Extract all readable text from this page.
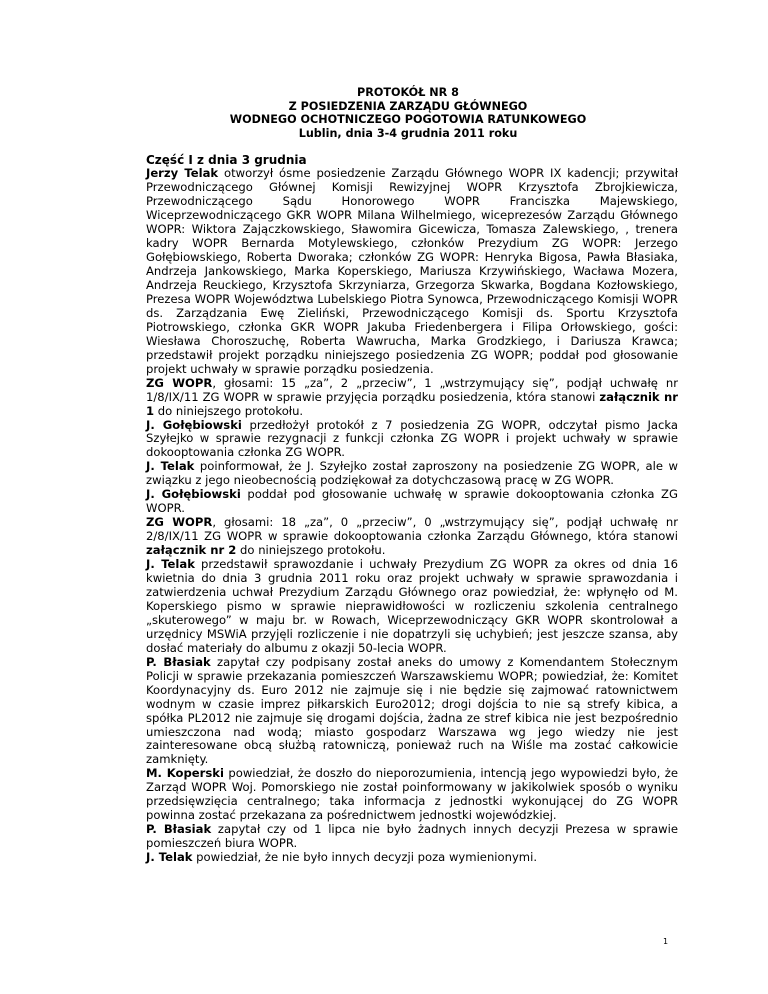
PROTOKÓŁ NR 8
Z POSIEDZENIA ZARZĄDU GŁÓWNEGO
WODNEGO OCHOTNICZEGO POGOTOWIA RATUNKOWEGO
Lublin, dnia 3-4 grudnia 2011 roku
Część I z dnia 3 grudnia

Jerzy Telak otworzył ósme posiedzenie Zarządu Głównego WOPR IX kadencji; przywitał Przewodniczącego Głównej Komisji Rewizyjnej WOPR Krzysztofa Zbrojkiewicza, Przewodniczącego Sądu Honorowego WOPR Franciszka Majewskiego, Wiceprzewodniczącego GKR WOPR Milana Wilhelmiego, wiceprezesów Zarządu Głównego WOPR: Wiktora Zajączkowskiego, Sławomira Gicewicza, Tomasza Zalewskiego, , trenera kadry WOPR Bernarda Motylewskiego, członków Prezydium ZG WOPR: Jerzego Gołębiowskiego, Roberta Dworaka; członków ZG WOPR: Henryka Bigosa, Pawła Błasiaka, Andrzeja Jankowskiego, Marka Koperskiego, Mariusza Krzywińskiego, Wacława Mozera, Andrzeja Reuckiego, Krzysztofa Skrzyniarza, Grzegorza Skwarka, Bogdana Kozłowskiego, Prezesa WOPR Województwa Lubelskiego Piotra Synowca, Przewodniczącego Komisji WOPR ds. Zarządzania Ewę Zieliński, Przewodniczącego Komisji ds. Sportu Krzysztofa Piotrowskiego, członka GKR WOPR Jakuba Friedenbergera i Filipa Orłowskiego, gości: Wiesława Choroszuchę, Roberta Wawrucha, Marka Grodzkiego, i Dariusza Krawca; przedstawił projekt porządku niniejszego posiedzenia ZG WOPR; poddał pod głosowanie projekt uchwały w sprawie porządku posiedzenia.

ZG WOPR, głosami: 15 „za”, 2 „przeciw”, 1 „wstrzymujący się”, podjął uchwałę nr 1/8/IX/11 ZG WOPR w sprawie przyjęcia porządku posiedzenia, która stanowi załącznik nr 1 do niniejszego protokołu.

J. Gołębiowski przedłożył protokół z 7 posiedzenia ZG WOPR, odczytał pismo Jacka Szyłejko w sprawie rezygnacji z funkcji członka ZG WOPR i projekt uchwały w sprawie dokooptowania członka ZG WOPR.

J. Telak poinformował, że J. Szyłejko został zaproszony na posiedzenie ZG WOPR, ale w związku z jego nieobecnością podziękował za dotychczasową pracę w ZG WOPR.

J. Gołębiowski poddał pod głosowanie uchwałę w sprawie dokooptowania członka ZG WOPR.

ZG WOPR, głosami: 18 „za”, 0 „przeciw”, 0 „wstrzymujący się”, podjął uchwałę nr 2/8/IX/11 ZG WOPR w sprawie dokooptowania członka Zarządu Głównego, która stanowi załącznik nr 2 do niniejszego protokołu.

J. Telak przedstawił sprawozdanie i uchwały Prezydium ZG WOPR za okres od dnia 16 kwietnia do dnia 3 grudnia 2011 roku oraz projekt uchwały w sprawie sprawozdania i zatwierdzenia uchwał Prezydium Zarządu Głównego oraz powiedział, że: wpłynęło od M. Koperskiego pismo w sprawie nieprawidłowości w rozliczeniu szkolenia centralnego „skuterowego” w maju br. w Rowach, Wiceprzewodniczący GKR WOPR skontrolował a urzędnicy MSWiA przyjęli rozliczenie i nie dopatrzyli się uchybień; jest jeszcze szansa, aby dosłać materiały do albumu z okazji 50-lecia WOPR.

P. Błasiak zapytał czy podpisany został aneks do umowy z Komendantem Stołecznym Policji w sprawie przekazania pomieszczeń Warszawskiemu WOPR; powiedział, że: Komitet Koordynacyjny ds. Euro 2012 nie zajmuje się i nie będzie się zajmować ratownictwem wodnym w czasie imprez piłkarskich Euro2012; drogi dojścia to nie są strefy kibica, a spółka PL2012 nie zajmuje się drogami dojścia, żadna ze stref kibica nie jest bezpośrednio umieszczona nad wodą; miasto gospodarz Warszawa wg jego wiedzy nie jest zainteresowane obcą służbą ratowniczą, ponieważ ruch na Wiśle ma zostać całkowicie zamknięty.

M. Koperski powiedział, że doszło do nieporozumienia, intencją jego wypowiedzi było, że Zarząd WOPR Woj. Pomorskiego nie został poinformowany w jakikolwiek sposób o wyniku przedsięwzięcia centralnego; taka informacja z jednostki wykonującej do ZG WOPR powinna zostać przekazana za pośrednictwem jednostki wojewódzkiej.

P. Błasiak zapytał czy od 1 lipca nie było żadnych innych decyzji Prezesa w sprawie pomieszczeń biura WOPR.

J. Telak powiedział, że nie było innych decyzji poza wymienionymi.

1
